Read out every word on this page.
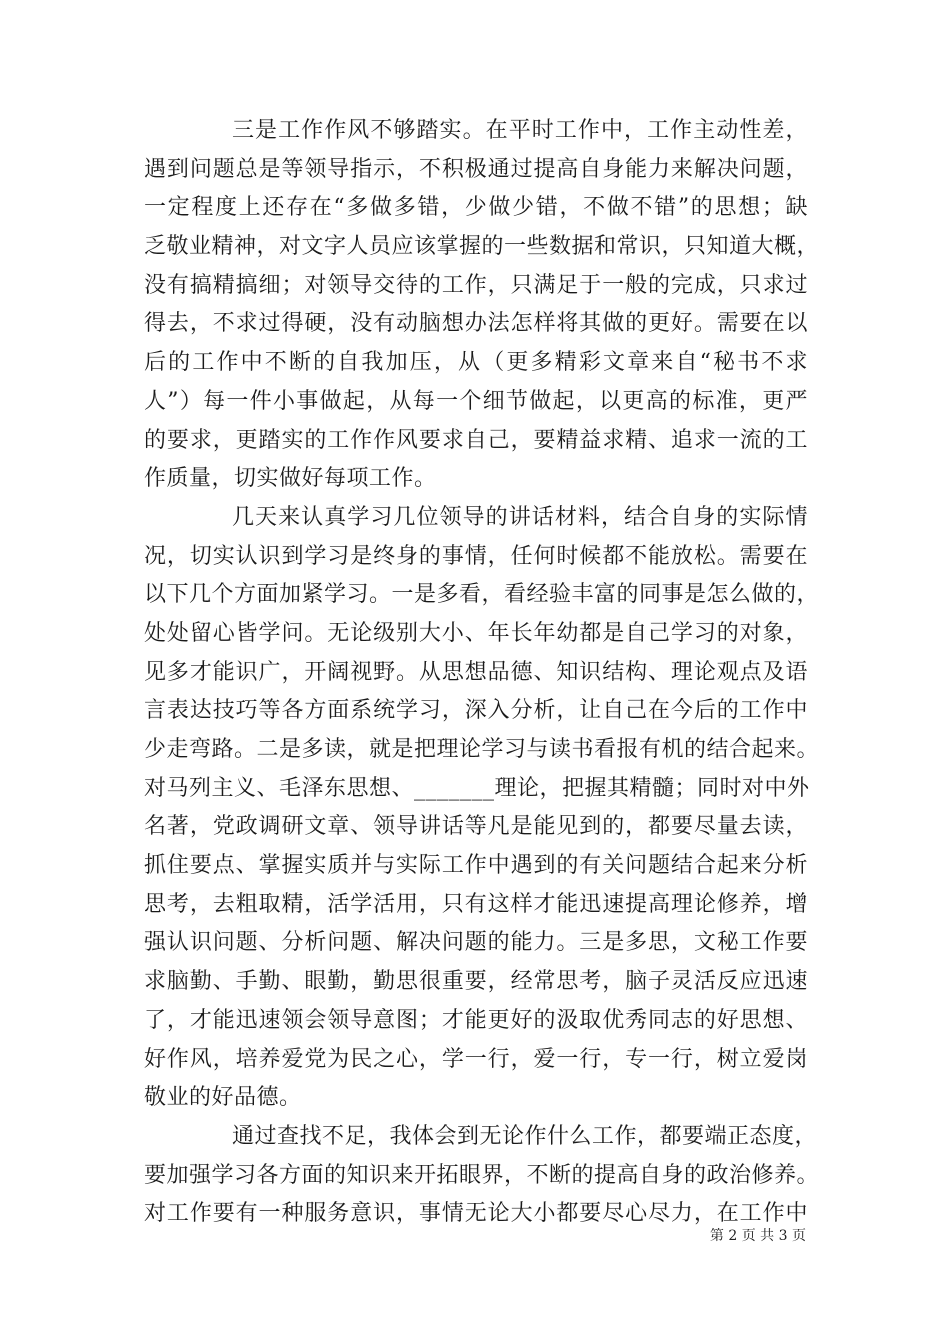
三是工作作风不够踏实。在平时工作中，工作主动性差，
遇到问题总是等领导指示，不积极通过提高自身能力来解决问题，
一定程度上还存在“多做多错，少做少错，不做不错”的思想；缺
乏敬业精神，对文字人员应该掌握的一些数据和常识，只知道大概，
没有搞精搞细；对领导交待的工作，只满足于一般的完成，只求过
得去，不求过得硬，没有动脑想办法怎样将其做的更好。需要在以
后的工作中不断的自我加压，从（更多精彩文章来自“秘书不求
人”）每一件小事做起，从每一个细节做起，以更高的标准，更严
的要求，更踏实的工作作风要求自己，要精益求精、追求一流的工
作质量，切实做好每项工作。
几天来认真学习几位领导的讲话材料，结合自身的实际情
况，切实认识到学习是终身的事情，任何时候都不能放松。需要在
以下几个方面加紧学习。一是多看，看经验丰富的同事是怎么做的，
处处留心皆学问。无论级别大小、年长年幼都是自己学习的对象，
见多才能识广，开阔视野。从思想品德、知识结构、理论观点及语
言表达技巧等各方面系统学习，深入分析，让自己在今后的工作中
少走弯路。二是多读，就是把理论学习与读书看报有机的结合起来。
对马列主义、毛泽东思想、_______理论，把握其精髓；同时对中外
名著，党政调研文章、领导讲话等凡是能见到的，都要尽量去读，
抓住要点、掌握实质并与实际工作中遇到的有关问题结合起来分析
思考，去粗取精，活学活用，只有这样才能迅速提高理论修养，增
强认识问题、分析问题、解决问题的能力。三是多思，文秘工作要
求脑勤、手勤、眼勤，勤思很重要，经常思考，脑子灵活反应迅速
了，才能迅速领会领导意图；才能更好的汲取优秀同志的好思想、
好作风，培养爱党为民之心，学一行，爱一行，专一行，树立爱岗
敬业的好品德。
通过查找不足，我体会到无论作什么工作，都要端正态度，
要加强学习各方面的知识来开拓眼界，不断的提高自身的政治修养。
对工作要有一种服务意识，事情无论大小都要尽心尽力，在工作中
第 2 页 共 3 页
